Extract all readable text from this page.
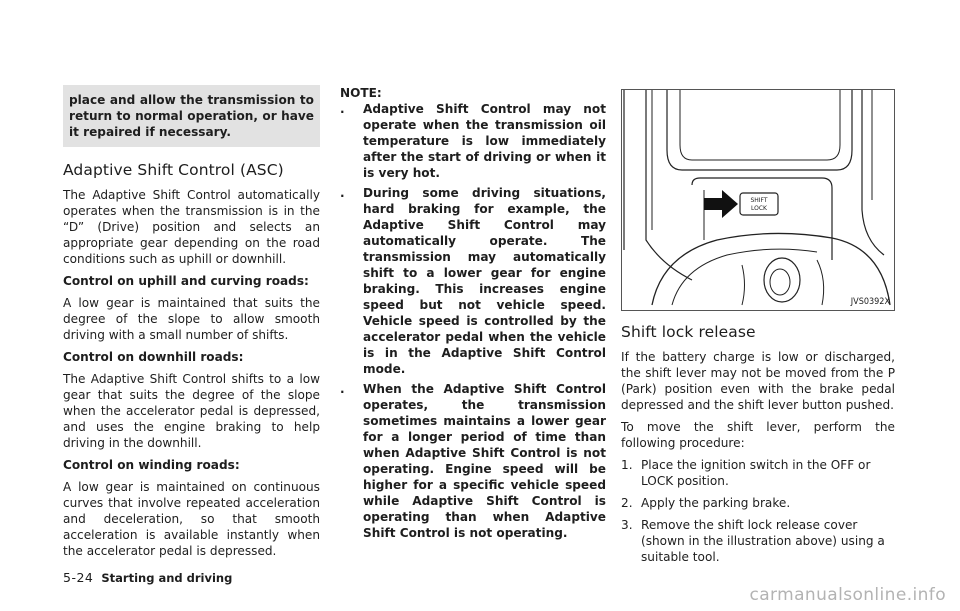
place and allow the transmission to return to normal operation, or have it repaired if necessary.

Adaptive Shift Control (ASC)

The Adaptive Shift Control automatically operates when the transmission is in the “D” (Drive) position and selects an appropriate gear depending on the road conditions such as uphill or downhill.

Control on uphill and curving roads:

A low gear is maintained that suits the degree of the slope to allow smooth driving with a small number of shifts.

Control on downhill roads:

The Adaptive Shift Control shifts to a low gear that suits the degree of the slope when the accelerator pedal is depressed, and uses the engine braking to help driving in the downhill.

Control on winding roads:

A low gear is maintained on continuous curves that involve repeated acceleration and deceleration, so that smooth acceleration is available instantly when the accelerator pedal is depressed.

NOTE:
. Adaptive Shift Control may not operate when the transmission oil temperature is low immediately after the start of driving or when it is very hot.
. During some driving situations, hard braking for example, the Adaptive Shift Control may automatically operate. The transmission may automatically shift to a lower gear for engine braking. This increases engine speed but not vehicle speed. Vehicle speed is controlled by the accelerator pedal when the vehicle is in the Adaptive Shift Control mode.
. When the Adaptive Shift Control operates, the transmission sometimes maintains a lower gear for a longer period of time than when Adaptive Shift Control is not operating. Engine speed will be higher for a specific vehicle speed while Adaptive Shift Control is operating than when Adaptive Shift Control is not operating.
SHIFT
LOCK
JVS0392X
Shift lock release

If the battery charge is low or discharged, the shift lever may not be moved from the P (Park) position even with the brake pedal depressed and the shift lever button pushed.

To move the shift lever, perform the following procedure:

1. Place the ignition switch in the OFF or LOCK position.
2. Apply the parking brake.
3. Remove the shift lock release cover (shown in the illustration above) using a suitable tool.
5-24 Starting and driving
carmanualsonline.info
